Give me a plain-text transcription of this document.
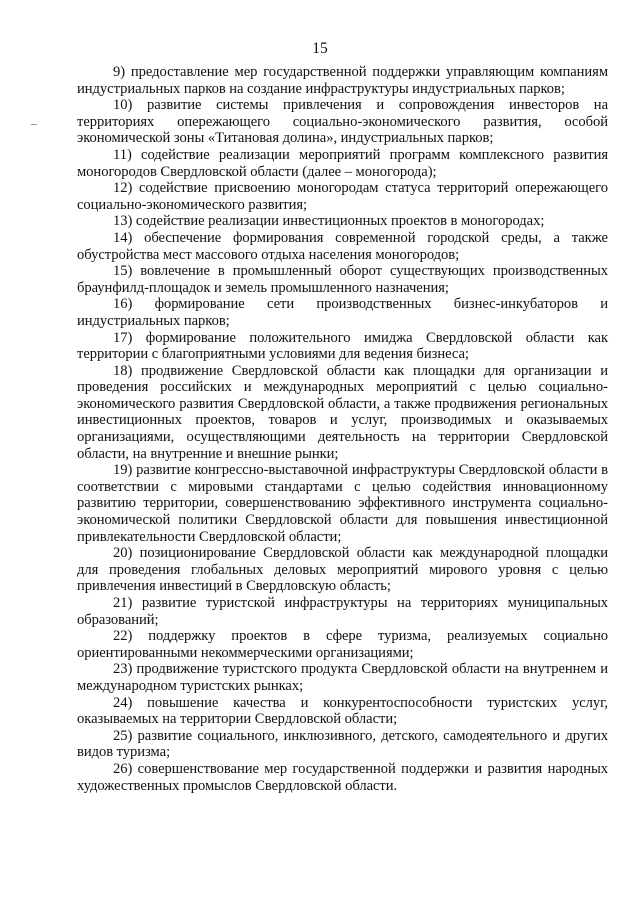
15

9) предоставление мер государственной поддержки управляющим компаниям индустриальных парков на создание инфраструктуры индустриальных парков;

10) развитие системы привлечения и сопровождения инвесторов на территориях опережающего социально-экономического развития, особой экономической зоны «Титановая долина», индустриальных парков;

11) содействие реализации мероприятий программ комплексного развития моногородов Свердловской области (далее – моногорода);

12) содействие присвоению моногородам статуса территорий опережающего социально-экономического развития;

13) содействие реализации инвестиционных проектов в моногородах;

14) обеспечение формирования современной городской среды, а также обустройства мест массового отдыха населения моногородов;

15) вовлечение в промышленный оборот существующих производственных браунфилд-площадок и земель промышленного назначения;

16) формирование сети производственных бизнес-инкубаторов и индустриальных парков;

17) формирование положительного имиджа Свердловской области как территории с благоприятными условиями для ведения бизнеса;

18) продвижение Свердловской области как площадки для организации и проведения российских и международных мероприятий с целью социально-экономического развития Свердловской области, а также продвижения региональных инвестиционных проектов, товаров и услуг, производимых и оказываемых организациями, осуществляющими деятельность на территории Свердловской области, на внутренние и внешние рынки;

19) развитие конгрессно-выставочной инфраструктуры Свердловской области в соответствии с мировыми стандартами с целью содействия инновационному развитию территории, совершенствованию эффективного инструмента социально-экономической политики Свердловской области для повышения инвестиционной привлекательности Свердловской области;

20) позиционирование Свердловской области как международной площадки для проведения глобальных деловых мероприятий мирового уровня с целью привлечения инвестиций в Свердловскую область;

21) развитие туристской инфраструктуры на территориях муниципальных образований;

22) поддержку проектов в сфере туризма, реализуемых социально ориентированными некоммерческими организациями;

23) продвижение туристского продукта Свердловской области на внутреннем и международном туристских рынках;

24) повышение качества и конкурентоспособности туристских услуг, оказываемых на территории Свердловской области;

25) развитие социального, инклюзивного, детского, самодеятельного и других видов туризма;

26) совершенствование мер государственной поддержки и развития народных художественных промыслов Свердловской области.
